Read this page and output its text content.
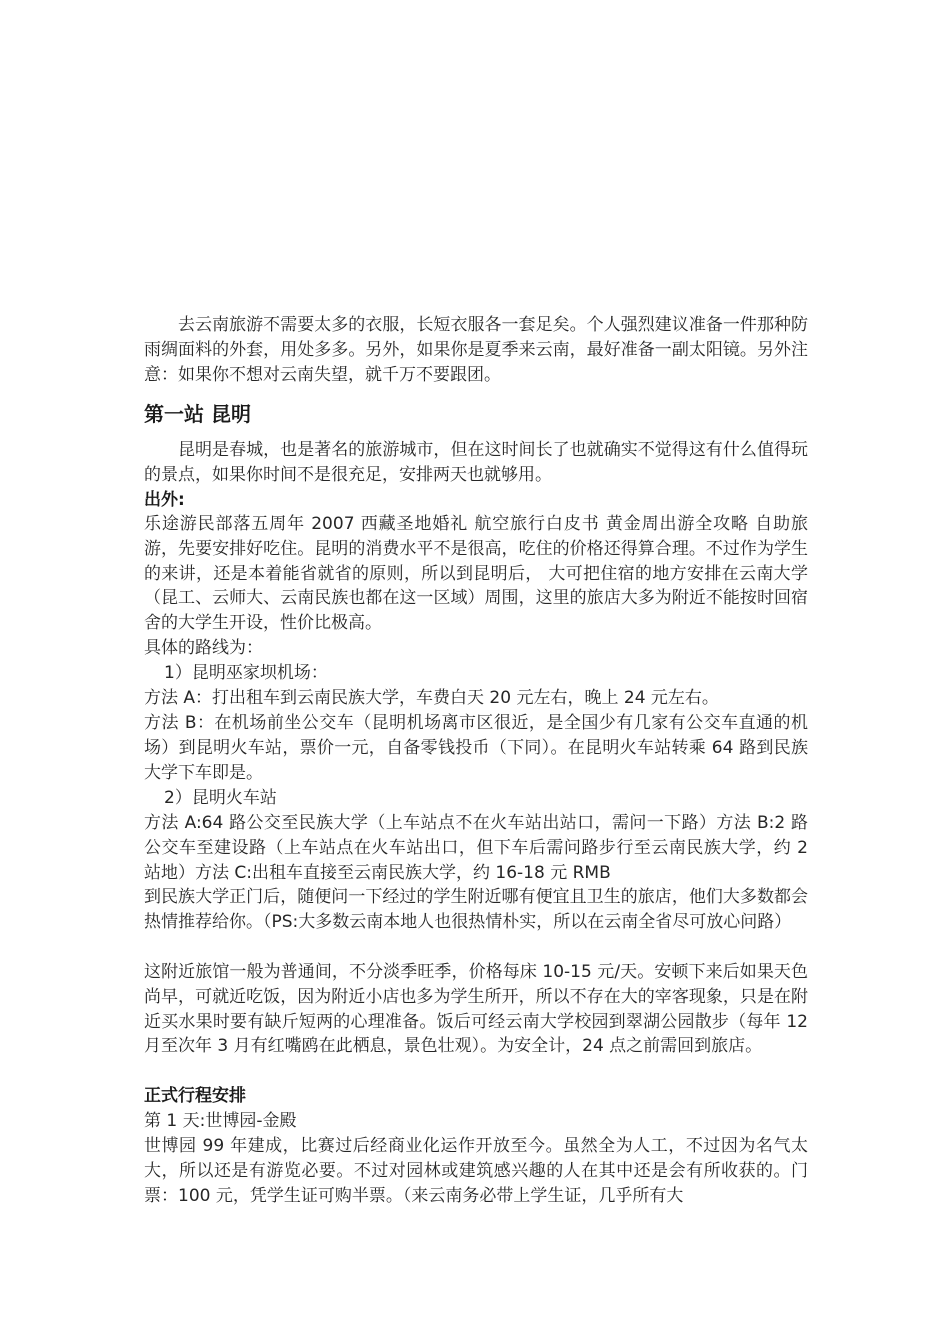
去云南旅游不需要太多的衣服，长短衣服各一套足矣。个人强烈建议准备一件那种防雨绸面料的外套，用处多多。另外，如果你是夏季来云南，最好准备一副太阳镜。另外注意：如果你不想对云南失望，就千万不要跟团。

第一站 昆明

昆明是春城，也是著名的旅游城市，但在这时间长了也就确实不觉得这有什么值得玩的景点，如果你时间不是很充足，安排两天也就够用。

出外:

乐途游民部落五周年 2007 西藏圣地婚礼 航空旅行白皮书 黄金周出游全攻略 自助旅游，先要安排好吃住。昆明的消费水平不是很高，吃住的价格还得算合理。不过作为学生的来讲，还是本着能省就省的原则，所以到昆明后， 大可把住宿的地方安排在云南大学（昆工、云师大、云南民族也都在这一区域）周围，这里的旅店大多为附近不能按时回宿舍的大学生开设，性价比极高。

具体的路线为：

1）昆明巫家坝机场：

方法 A：打出租车到云南民族大学，车费白天 20 元左右，晚上 24 元左右。

方法 B：在机场前坐公交车（昆明机场离市区很近，是全国少有几家有公交车直通的机场）到昆明火车站，票价一元，自备零钱投币（下同）。在昆明火车站转乘 64 路到民族大学下车即是。

2）昆明火车站

方法 A:64 路公交至民族大学（上车站点不在火车站出站口，需问一下路）方法 B:2 路公交车至建设路（上车站点在火车站出口，但下车后需问路步行至云南民族大学，约 2 站地）方法 C:出租车直接至云南民族大学，约 16-18 元 RMB

到民族大学正门后，随便问一下经过的学生附近哪有便宜且卫生的旅店，他们大多数都会热情推荐给你。（PS:大多数云南本地人也很热情朴实，所以在云南全省尽可放心问路）

这附近旅馆一般为普通间，不分淡季旺季，价格每床 10-15 元/天。安顿下来后如果天色尚早，可就近吃饭，因为附近小店也多为学生所开，所以不存在大的宰客现象，只是在附近买水果时要有缺斤短两的心理准备。饭后可经云南大学校园到翠湖公园散步（每年 12 月至次年 3 月有红嘴鸥在此栖息，景色壮观）。为安全计，24 点之前需回到旅店。

正式行程安排

第 1 天:世博园-金殿

世博园 99 年建成，比赛过后经商业化运作开放至今。虽然全为人工，不过因为名气太大，所以还是有游览必要。不过对园林或建筑感兴趣的人在其中还是会有所收获的。门票：100 元，凭学生证可购半票。（来云南务必带上学生证，几乎所有大
